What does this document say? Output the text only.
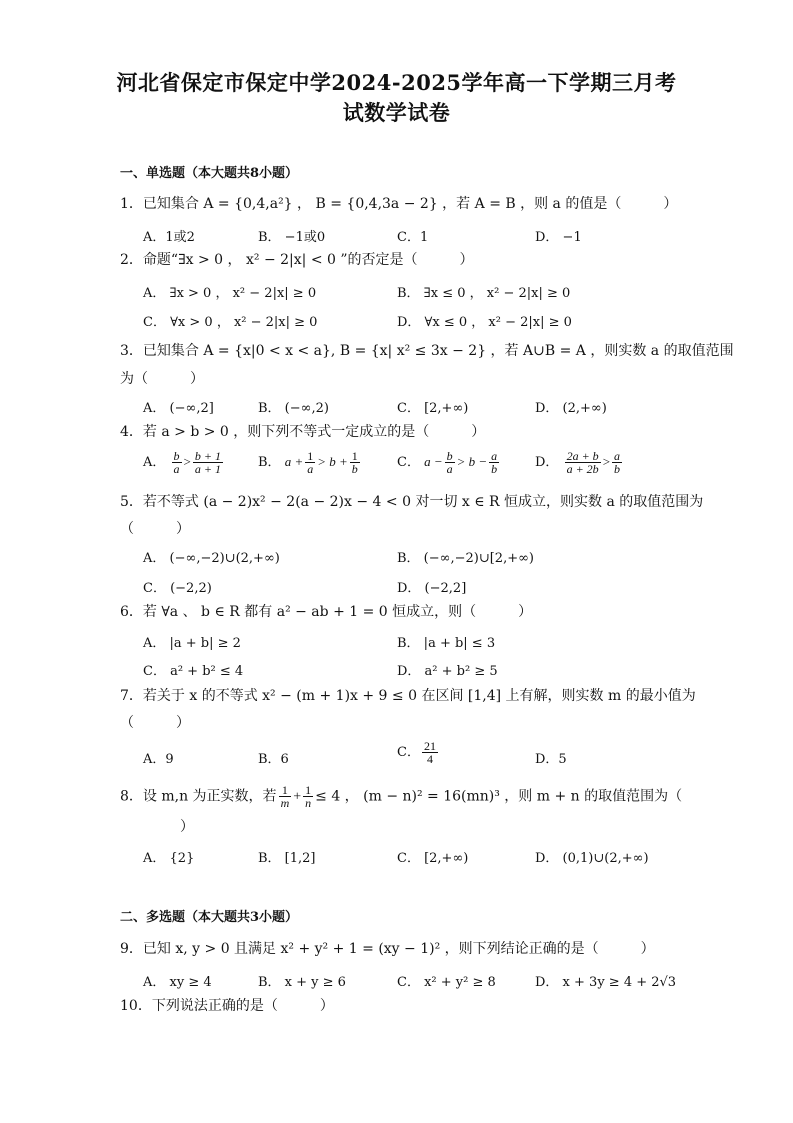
河北省保定市保定中学2024-2025学年高一下学期三月考
试数学试卷
一、单选题（本大题共8小题）
1．已知集合 A = {0,4,a²} ， B = {0,4,3a − 2} ，若 A = B ，则 a 的值是（　　　）
A．1或2	B． −1或0	C．1	D． −1
2．命题“∃x > 0 ， x² − 2|x| < 0 ”的否定是（　　　）
A． ∃x > 0 ， x² − 2|x| ≥ 0	B． ∃x ≤ 0 ， x² − 2|x| ≥ 0
C． ∀x > 0 ， x² − 2|x| ≥ 0	D． ∀x ≤ 0 ， x² − 2|x| ≥ 0
3．已知集合 A = {x|0 < x < a}, B = {x| x² ≤ 3x − 2} ，若 A∪B = A ，则实数 a 的取值范围
为（　　　）
A． (−∞,2]	B． (−∞,2)	C． [2,+∞)	D． (2,+∞)
4．若 a > b > 0 ，则下列不等式一定成立的是（　　　）
A． $\frac{b}{a} > \frac{b + 1}{a + 1}$	B． $a + \frac{1}{a} > b + \frac{1}{b}$	C． $a - \frac{b}{a} > b - \frac{a}{b}$	D． $\frac{2a + b}{a + 2b} > \frac{a}{b}$
5．若不等式 (a − 2)x² − 2(a − 2)x − 4 < 0 对一切 x ∈ R 恒成立，则实数 a 的取值范围为
（　　　）
A． (−∞,−2)∪(2,+∞)	B． (−∞,−2)∪[2,+∞)
C． (−2,2)	D． (−2,2]
6．若 ∀a 、 b ∈ R 都有 a² − ab + 1 = 0 恒成立，则（　　　）
A． |a + b| ≥ 2	B． |a + b| ≤ 3
C． a² + b² ≤ 4	D． a² + b² ≥ 5
7．若关于 x 的不等式 x² − (m + 1)x + 9 ≤ 0 在区间 [1,4] 上有解，则实数 m 的最小值为
（　　　）
A．9	B．6	C． $\frac{21}{4}$	D．5
8．设 m,n 为正实数，若 $\frac{1}{m} + \frac{1}{n} \le 4$ ， (m − n)² = 16(mn)³ ，则 m + n 的取值范围为（
）
A． {2}	B． [1,2]	C． [2,+∞)	D． (0,1)∪(2,+∞)
二、多选题（本大题共3小题）
9．已知 x, y > 0 且满足 x² + y² + 1 = (xy − 1)² ，则下列结论正确的是（　　　）
A． xy ≥ 4	B． x + y ≥ 6	C． x² + y² ≥ 8	D． x + 3y ≥ 4 + 2√3
10．下列说法正确的是（　　　）
